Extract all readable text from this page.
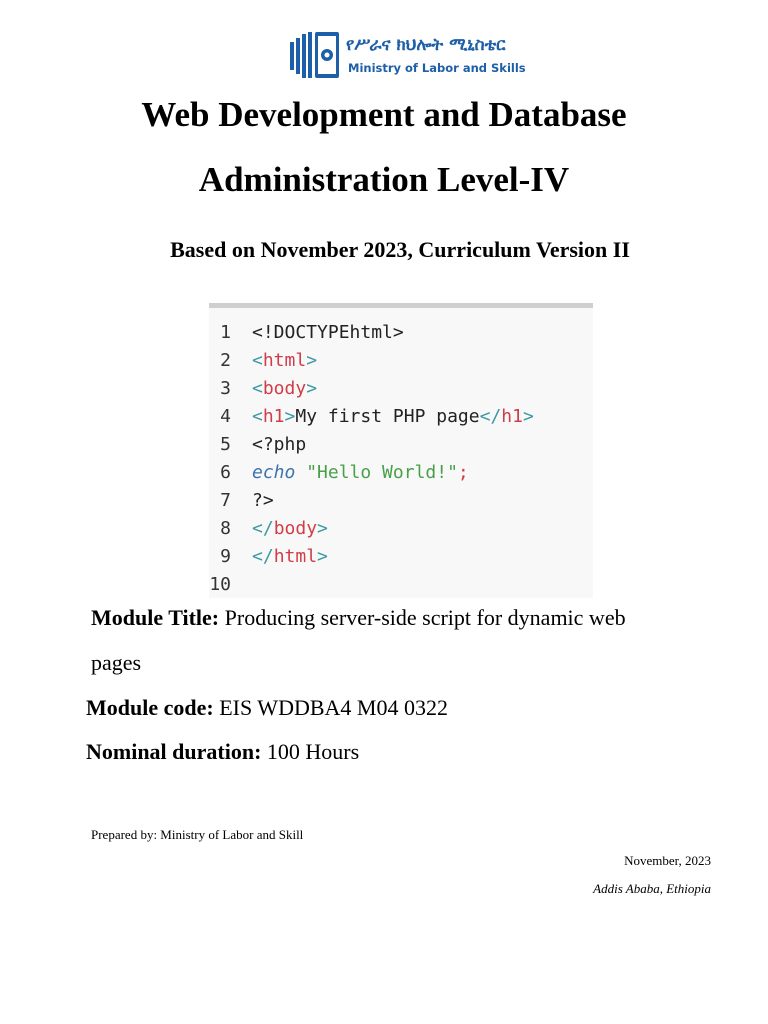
የሥራና ክህሎት ሚኒስቴር
Ministry of Labor and Skills
Web Development and Database
Administration Level-IV
Based on November 2023, Curriculum Version II
1 <!DOCTYPEhtml>
2 <html>
3 <body>
4 <h1>My first PHP page</h1>
5 <?php
6 echo "Hello World!";
7 ?>
8 </body>
9 </html>
10
Module Title: Producing server-side script for dynamic web
pages
Module code: EIS WDDBA4 M04 0322
Nominal duration: 100 Hours
Prepared by: Ministry of Labor and Skill
November, 2023
Addis Ababa, Ethiopia
